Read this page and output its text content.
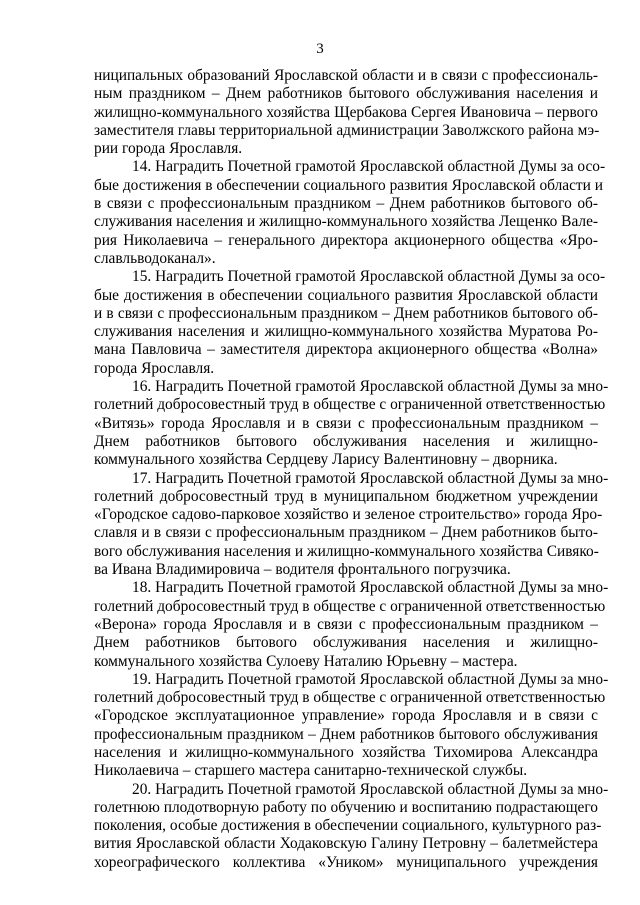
3
ниципальных образований Ярославской области и в связи с профессиональ-
ным праздником – Днем работников бытового обслуживания населения и
жилищно-коммунального хозяйства Щербакова Сергея Ивановича – первого
заместителя главы территориальной администрации Заволжского района мэ-
рии города Ярославля.
14. Наградить Почетной грамотой Ярославской областной Думы за осо-
бые достижения в обеспечении социального развития Ярославской области и
в связи с профессиональным праздником – Днем работников бытового об-
служивания населения и жилищно-коммунального хозяйства Лещенко Вале-
рия Николаевича – генерального директора акционерного общества «Яро-
славльводоканал».
15. Наградить Почетной грамотой Ярославской областной Думы за осо-
бые достижения в обеспечении социального развития Ярославской области
и в связи с профессиональным праздником – Днем работников бытового об-
служивания населения и жилищно-коммунального хозяйства Муратова Ро-
мана Павловича – заместителя директора акционерного общества «Волна»
города Ярославля.
16. Наградить Почетной грамотой Ярославской областной Думы за мно-
голетний добросовестный труд в обществе с ограниченной ответственностью
«Витязь» города Ярославля и в связи с профессиональным праздником –
Днем работников бытового обслуживания населения и жилищно-
коммунального хозяйства Сердцеву Ларису Валентиновну – дворника.
17. Наградить Почетной грамотой Ярославской областной Думы за мно-
голетний добросовестный труд в муниципальном бюджетном учреждении
«Городское садово-парковое хозяйство и зеленое строительство» города Яро-
славля и в связи с профессиональным праздником – Днем работников быто-
вого обслуживания населения и жилищно-коммунального хозяйства Сивяко-
ва Ивана Владимировича – водителя фронтального погрузчика.
18. Наградить Почетной грамотой Ярославской областной Думы за мно-
голетний добросовестный труд в обществе с ограниченной ответственностью
«Верона» города Ярославля и в связи с профессиональным праздником –
Днем работников бытового обслуживания населения и жилищно-
коммунального хозяйства Сулоеву Наталию Юрьевну – мастера.
19. Наградить Почетной грамотой Ярославской областной Думы за мно-
голетний добросовестный труд в обществе с ограниченной ответственностью
«Городское эксплуатационное управление» города Ярославля и в связи с
профессиональным праздником – Днем работников бытового обслуживания
населения и жилищно-коммунального хозяйства Тихомирова Александра
Николаевича – старшего мастера санитарно-технической службы.
20. Наградить Почетной грамотой Ярославской областной Думы за мно-
голетнюю плодотворную работу по обучению и воспитанию подрастающего
поколения, особые достижения в обеспечении социального, культурного раз-
вития Ярославской области Ходаковскую Галину Петровну – балетмейстера
хореографического коллектива «Уником» муниципального учреждения
